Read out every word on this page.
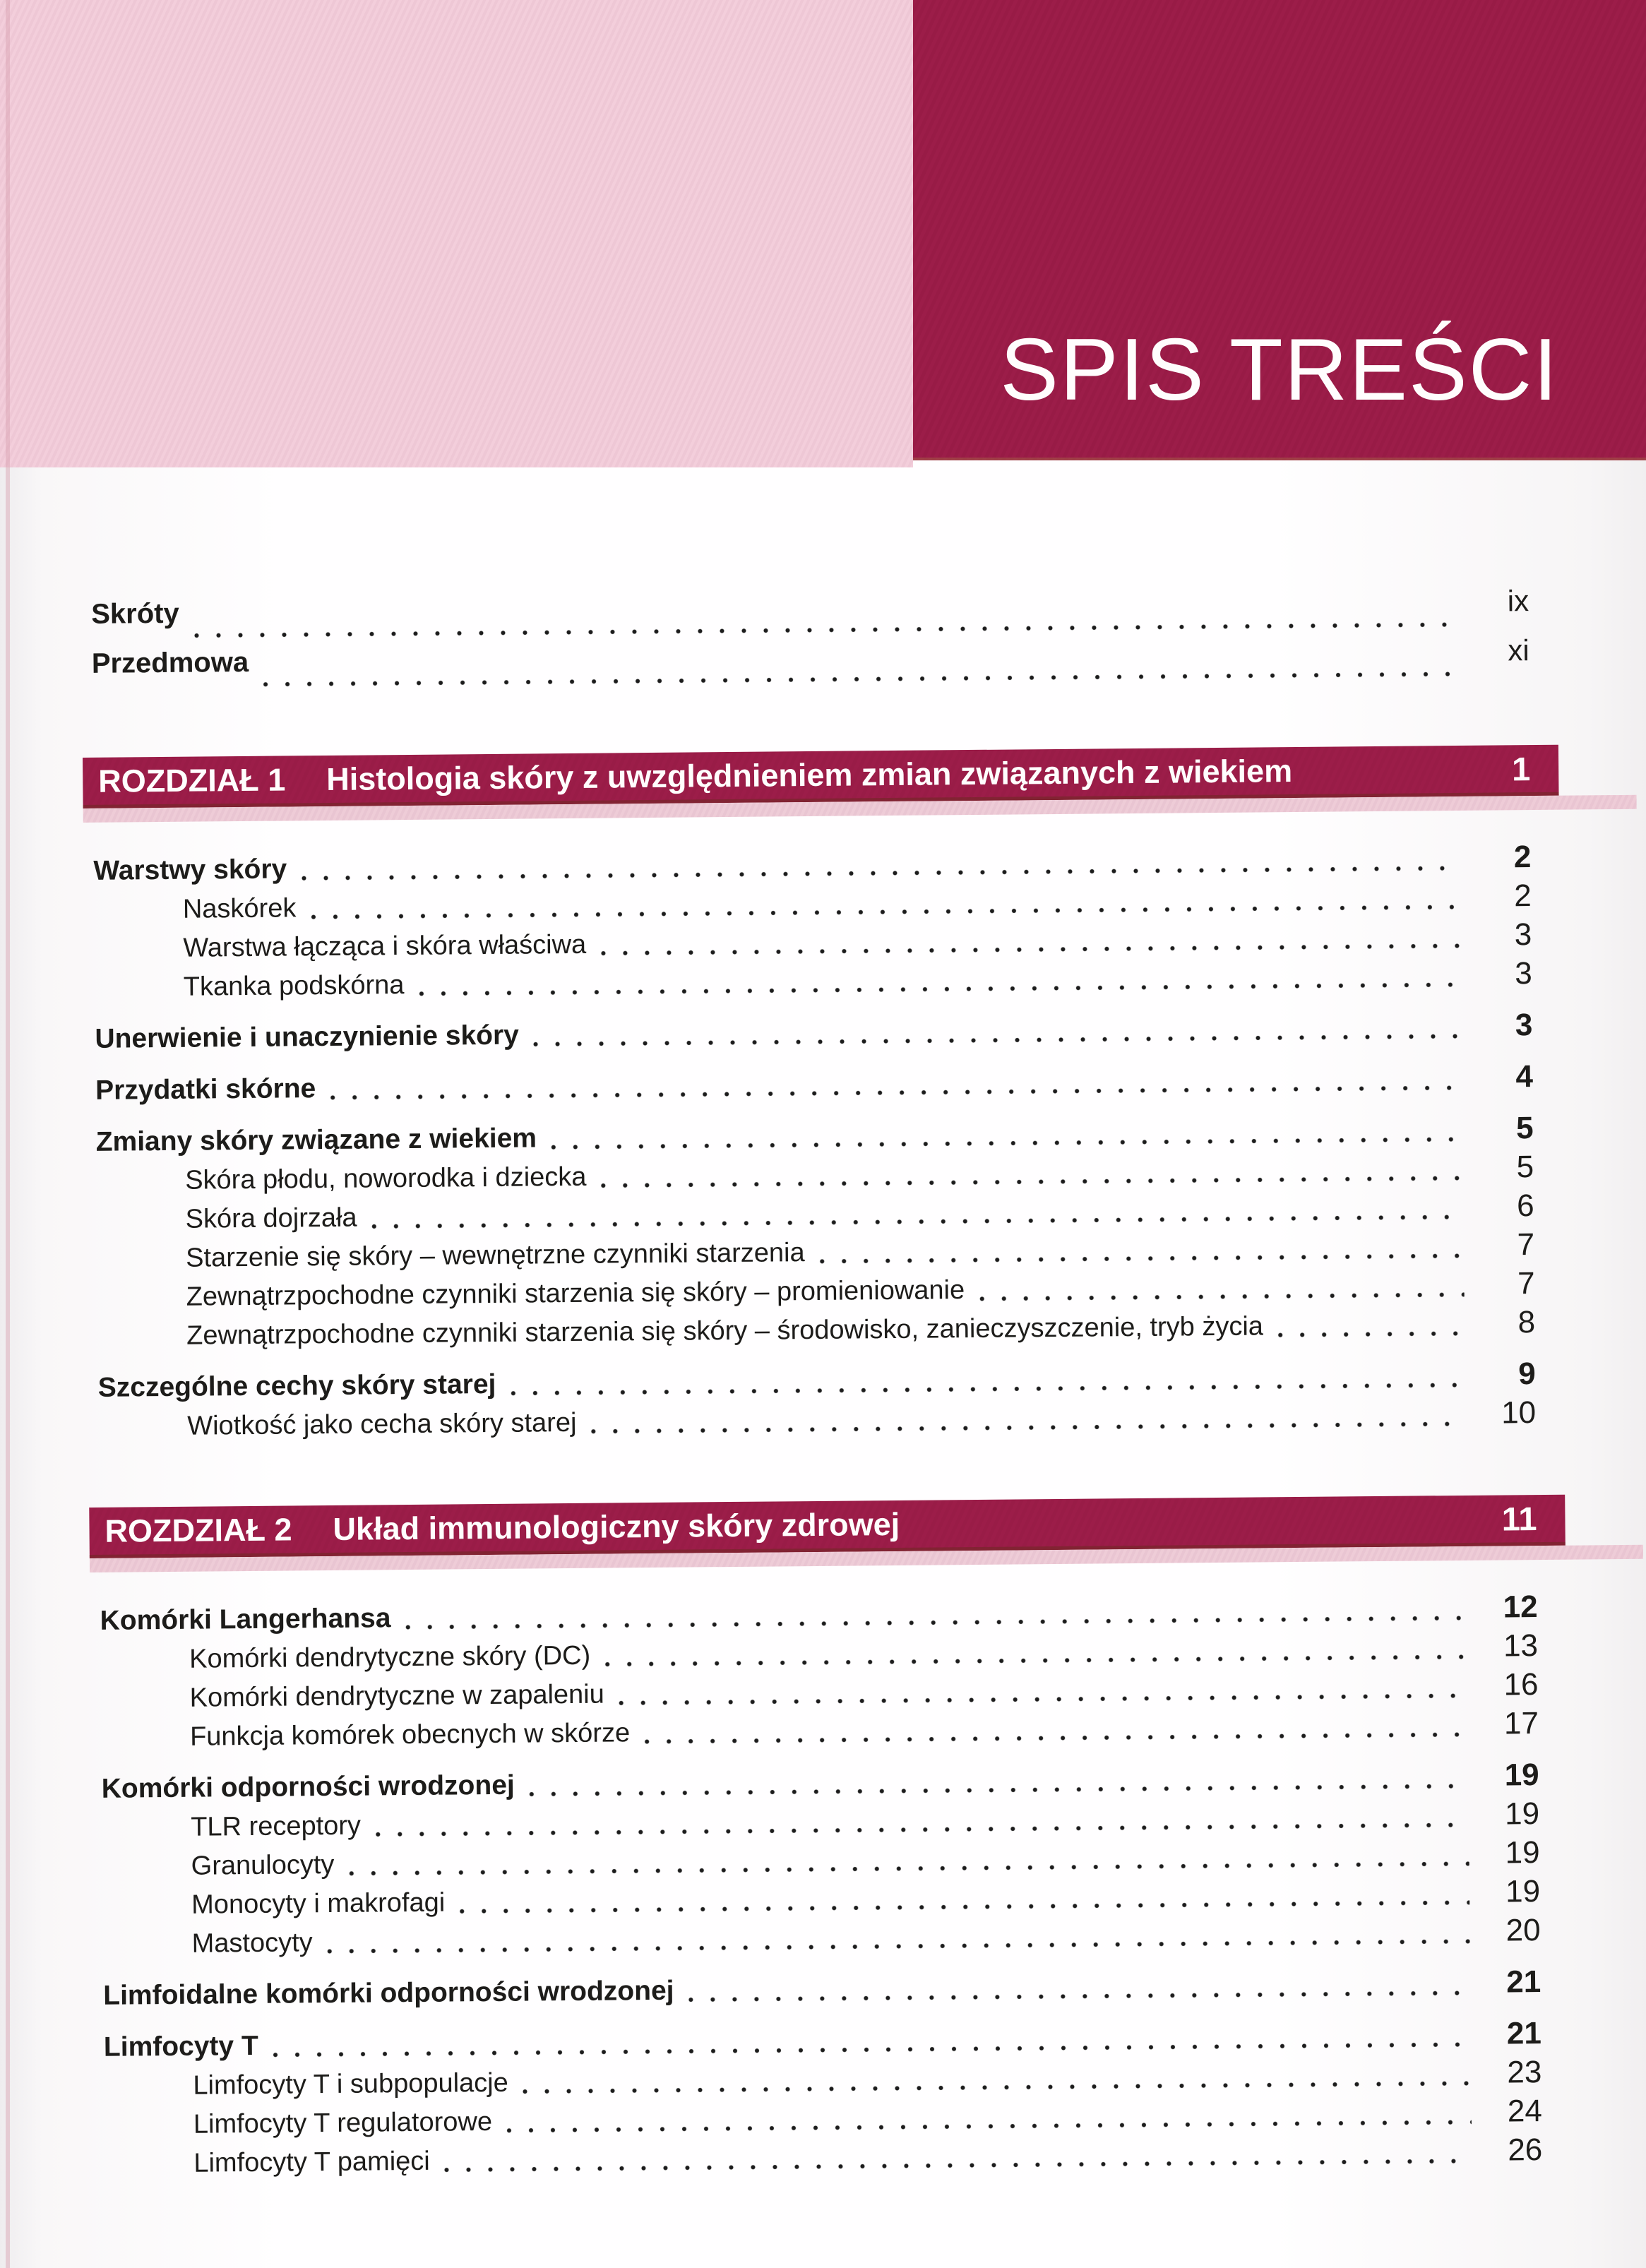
SPIS TREŚCI
Skróty	ix
Przedmowa	xi
ROZDZIAŁ 1 Histologia skóry z uwzględnieniem zmian związanych z wiekiem	1
Warstwy skóry	2
Naskórek	2
Warstwa łącząca i skóra właściwa	3
Tkanka podskórna	3
Unerwienie i unaczynienie skóry	3
Przydatki skórne	4
Zmiany skóry związane z wiekiem	5
Skóra płodu, noworodka i dziecka	5
Skóra dojrzała	6
Starzenie się skóry – wewnętrzne czynniki starzenia	7
Zewnątrzpochodne czynniki starzenia się skóry – promieniowanie	7
Zewnątrzpochodne czynniki starzenia się skóry – środowisko, zanieczyszczenie, tryb życia	8
Szczególne cechy skóry starej	9
Wiotkość jako cecha skóry starej	10
ROZDZIAŁ 2 Układ immunologiczny skóry zdrowej	11
Komórki Langerhansa	12
Komórki dendrytyczne skóry (DC)	13
Komórki dendrytyczne w zapaleniu	16
Funkcja komórek obecnych w skórze	17
Komórki odporności wrodzonej	19
TLR receptory	19
Granulocyty	19
Monocyty i makrofagi	19
Mastocyty	20
Limfoidalne komórki odporności wrodzonej	21
Limfocyty T	21
Limfocyty T i subpopulacje	23
Limfocyty T regulatorowe	24
Limfocyty T pamięci	26
